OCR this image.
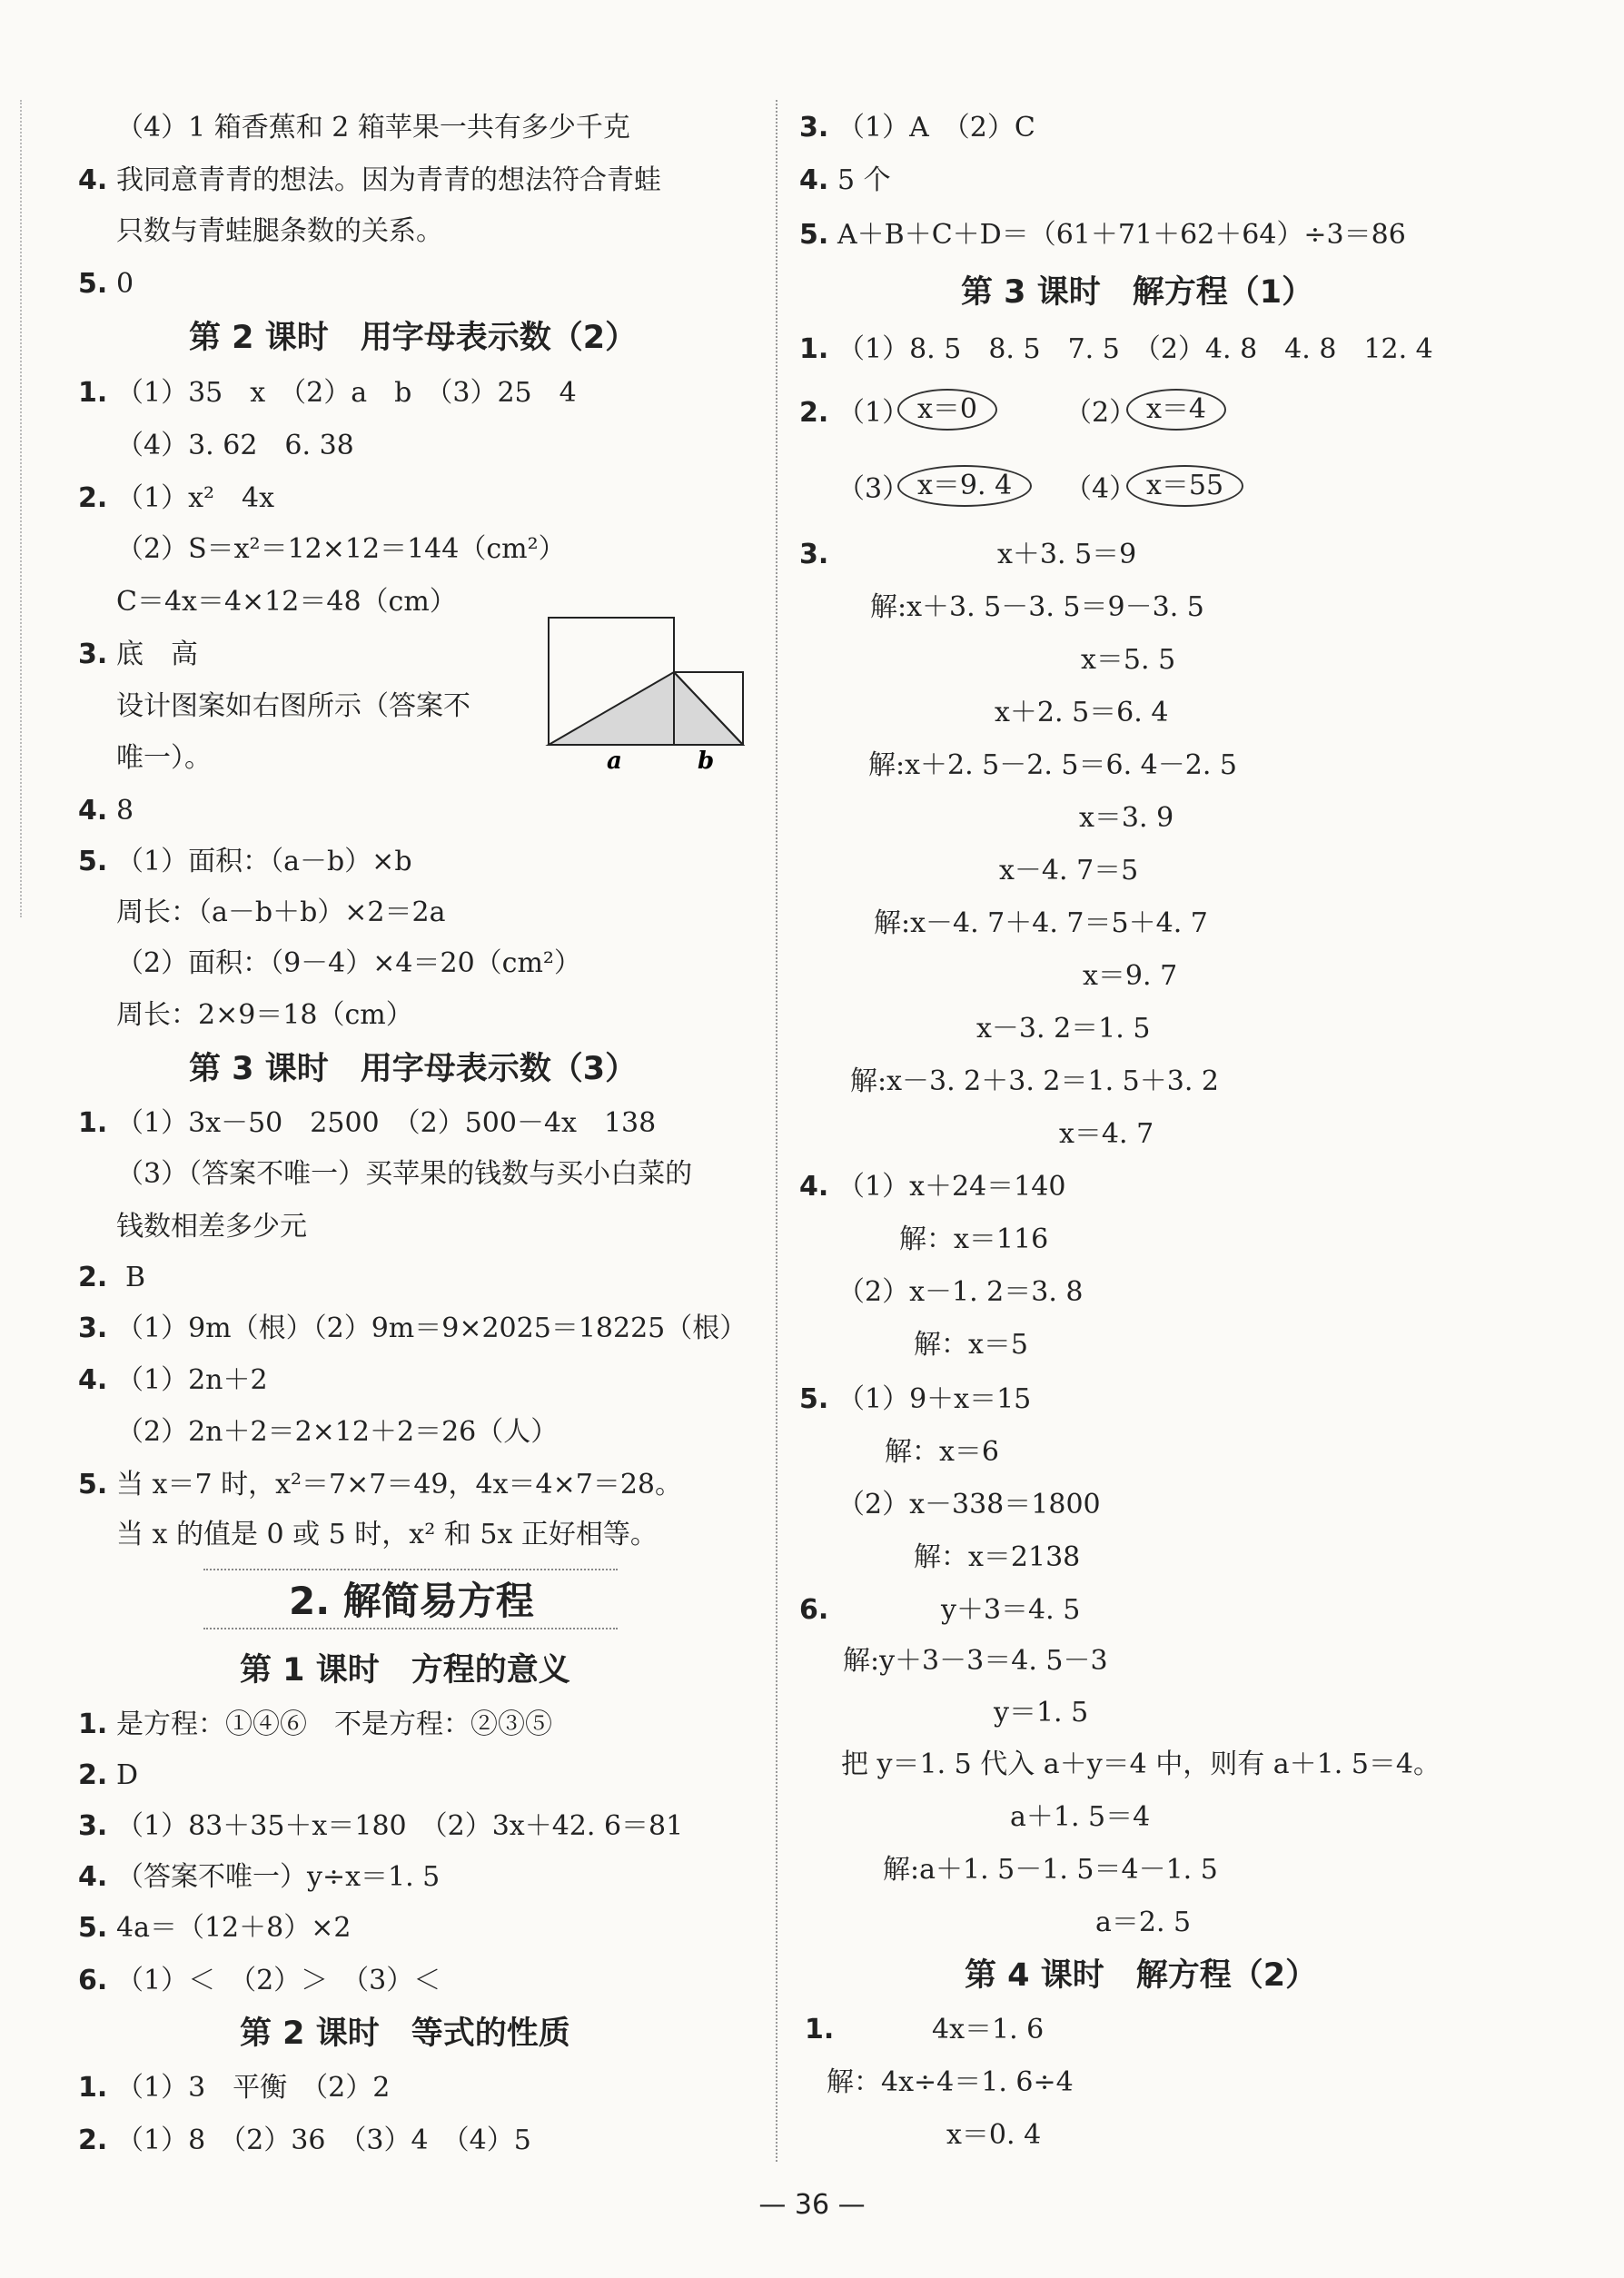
（4）1 箱香蕉和 2 箱苹果一共有多少千克
4. 我同意青青的想法。因为青青的想法符合青蛙
只数与青蛙腿条数的关系。
5. 0
第 2 课时　用字母表示数（2）
1. （1）35　x　（2）a　b　（3）25　4
（4）3. 62　6. 38
2. （1）x²　4x
（2）S＝x²＝12×12＝144（cm²）
C＝4x＝4×12＝48（cm）
3. 底　高
设计图案如右图所示（答案不
唯一）。	a	b
4. 8
5. （1）面积：（a－b）×b
周长：（a－b＋b）×2＝2a
（2）面积：（9－4）×4＝20（cm²）
周长：2×9＝18（cm）
第 3 课时　用字母表示数（3）
1. （1）3x－50　2500　（2）500－4x　138
（3）（答案不唯一）买苹果的钱数与买小白菜的
钱数相差多少元
2. B
3. （1）9m（根）（2）9m＝9×2025＝18225（根）
4. （1）2n＋2
（2）2n＋2＝2×12＋2＝26（人）
5. 当 x＝7 时，x²＝7×7＝49，4x＝4×7＝28。
当 x 的值是 0 或 5 时，x² 和 5x 正好相等。
2. 解简易方程
第 1 课时　方程的意义
1. 是方程：①④⑥　不是方程：②③⑤
2. D
3. （1）83＋35＋x＝180　（2）3x＋42. 6＝81
4. （答案不唯一）y÷x＝1. 5
5. 4a＝（12＋8）×2
6. （1）＜　（2）＞　（3）＜
第 2 课时　等式的性质
1. （1）3　平衡　（2）2
2. （1）8　（2）36　（3）4　（4）5
3. （1）A　（2）C
4. 5 个
5. A＋B＋C＋D＝（61＋71＋62＋64）÷3＝86
第 3 课时　解方程（1）
1. （1）8. 5　8. 5　7. 5　（2）4. 8　4. 8　12. 4
2. （1） x＝0	（2） x＝4
（3） x＝9. 4	（4） x＝55
3.	x＋3. 5＝9
解:x＋3. 5－3. 5＝9－3. 5
x＝5. 5
x＋2. 5＝6. 4
解:x＋2. 5－2. 5＝6. 4－2. 5
x＝3. 9
x－4. 7＝5
解:x－4. 7＋4. 7＝5＋4. 7
x＝9. 7
x－3. 2＝1. 5
解:x－3. 2＋3. 2＝1. 5＋3. 2
x＝4. 7
4. （1）x＋24＝140
解：x＝116
（2）x－1. 2＝3. 8
解：x＝5
5. （1）9＋x＝15
解：x＝6
（2）x－338＝1800
解：x＝2138
6.	y＋3＝4. 5
解:y＋3－3＝4. 5－3
y＝1. 5
把 y＝1. 5 代入 a＋y＝4 中，则有 a＋1. 5＝4。
a＋1. 5＝4
解:a＋1. 5－1. 5＝4－1. 5
a＝2. 5
第 4 课时　解方程（2）
1.	4x＝1. 6
解：4x÷4＝1. 6÷4
x＝0. 4
— 36 —
